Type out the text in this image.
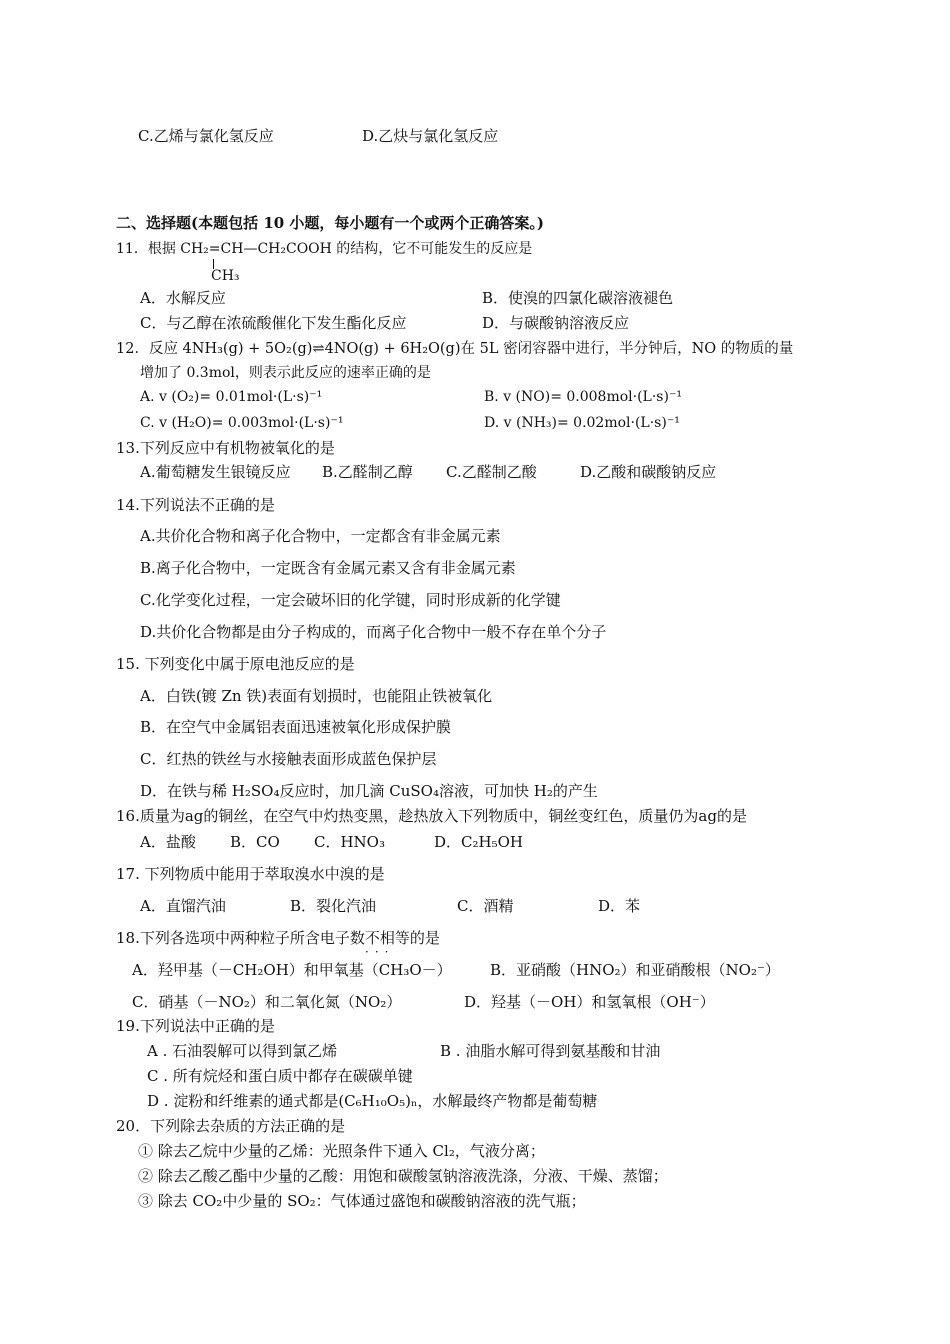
C.乙烯与氯化氢反应	D.乙炔与氯化氢反应
二、选择题(本题包括 10 小题，每小题有一个或两个正确答案。)
11．根据 CH₂=CH—CH₂COOH 的结构，它不可能发生的反应是
CH₃
A．水解反应	B．使溴的四氯化碳溶液褪色
C．与乙醇在浓硫酸催化下发生酯化反应	D．与碳酸钠溶液反应
12．反应 4NH₃(g) + 5O₂(g)⇌4NO(g) + 6H₂O(g)在 5L 密闭容器中进行，半分钟后，NO 的物质的量
增加了 0.3mol，则表示此反应的速率正确的是
A. v (O₂)= 0.01mol·(L·s)⁻¹	B. v (NO)= 0.008mol·(L·s)⁻¹
C. v (H₂O)= 0.003mol·(L·s)⁻¹	D. v (NH₃)= 0.02mol·(L·s)⁻¹
13.下列反应中有机物被氧化的是
A.葡萄糖发生银镜反应 B.乙醛制乙醇 C.乙醛制乙酸	D.乙酸和碳酸钠反应
14.下列说法不正确的是
A.共价化合物和离子化合物中，一定都含有非金属元素
B.离子化合物中，一定既含有金属元素又含有非金属元素
C.化学变化过程，一定会破坏旧的化学键，同时形成新的化学键
D.共价化合物都是由分子构成的，而离子化合物中一般不存在单个分子
15. 下列变化中属于原电池反应的是
A．白铁(镀 Zn 铁)表面有划损时，也能阻止铁被氧化
B．在空气中金属铝表面迅速被氧化形成保护膜
C．红热的铁丝与水接触表面形成蓝色保护层
D．在铁与稀 H₂SO₄反应时，加几滴 CuSO₄溶液，可加快 H₂的产生
16.质量为ag的铜丝，在空气中灼热变黑，趁热放入下列物质中，铜丝变红色，质量仍为ag的是
A．盐酸 B．CO C．HNO₃	D．C₂H₅OH
17. 下列物质中能用于萃取溴水中溴的是
A．直馏汽油	B．裂化汽油	C．酒精	D．苯
18.下列各选项中两种粒子所含电子数不相等的是
···
A．羟甲基（－CH₂OH）和甲氧基（CH₃O－）	B．亚硝酸（HNO₂）和亚硝酸根（NO₂⁻）
C．硝基（－NO₂）和二氧化氮（NO₂）	D．羟基（－OH）和氢氧根（OH⁻）
19.下列说法中正确的是
A . 石油裂解可以得到氯乙烯	B . 油脂水解可得到氨基酸和甘油
C . 所有烷烃和蛋白质中都存在碳碳单键
D . 淀粉和纤维素的通式都是(C₆H₁₀O₅)ₙ，水解最终产物都是葡萄糖
20．下列除去杂质的方法正确的是
① 除去乙烷中少量的乙烯：光照条件下通入 Cl₂，气液分离；
② 除去乙酸乙酯中少量的乙酸：用饱和碳酸氢钠溶液洗涤，分液、干燥、蒸馏；
③ 除去 CO₂中少量的 SO₂：气体通过盛饱和碳酸钠溶液的洗气瓶；
